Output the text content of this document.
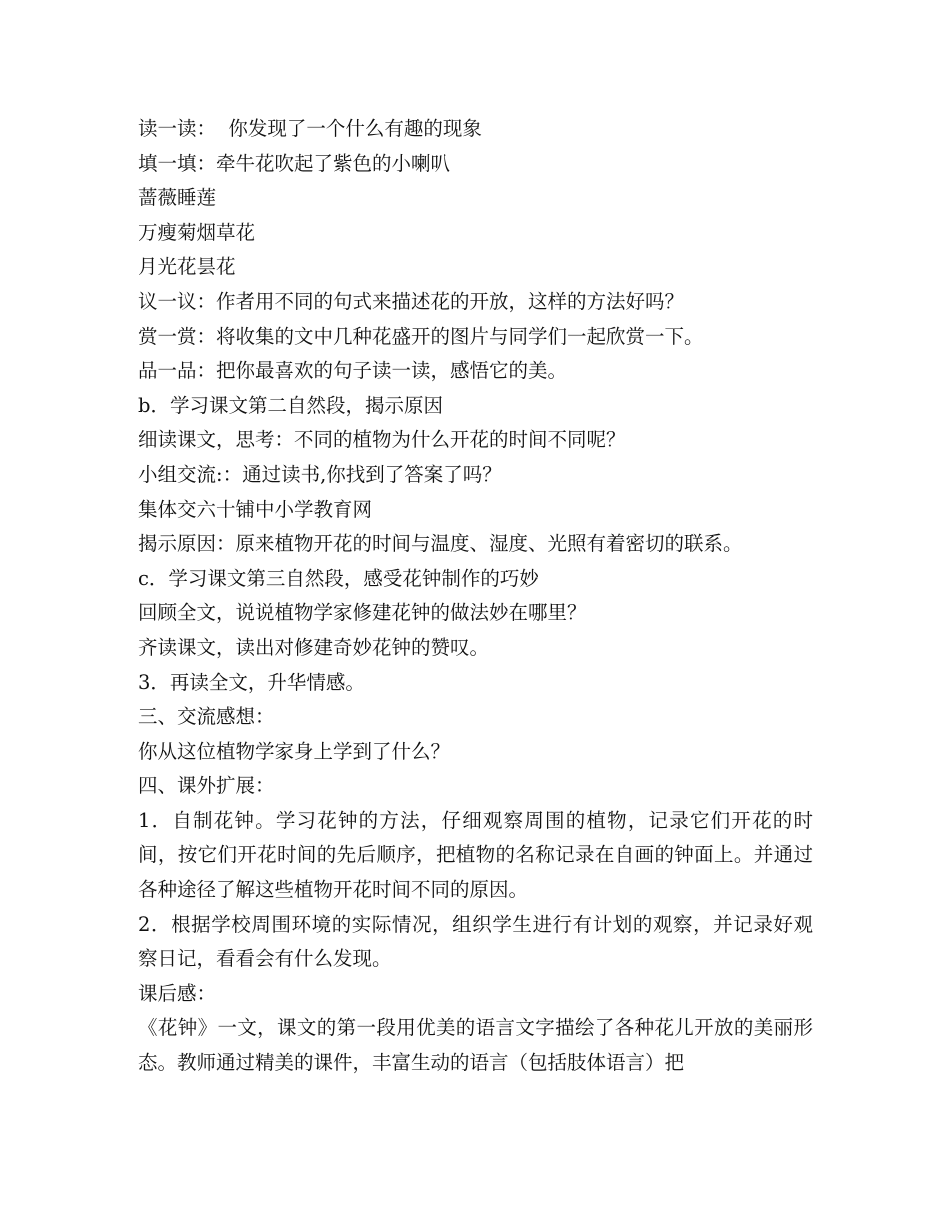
读一读：  你发现了一个什么有趣的现象
填一填：牵牛花吹起了紫色的小喇叭
蔷薇睡莲
万瘦菊烟草花
月光花昙花
议一议：作者用不同的句式来描述花的开放，这样的方法好吗？
赏一赏：将收集的文中几种花盛开的图片与同学们一起欣赏一下。
品一品：把你最喜欢的句子读一读，感悟它的美。
b．学习课文第二自然段，揭示原因
细读课文，思考：不同的植物为什么开花的时间不同呢？
小组交流:：通过读书,你找到了答案了吗？
集体交六十铺中小学教育网
揭示原因：原来植物开花的时间与温度、湿度、光照有着密切的联系。
c．学习课文第三自然段，感受花钟制作的巧妙
回顾全文，说说植物学家修建花钟的做法妙在哪里？
齐读课文，读出对修建奇妙花钟的赞叹。
3．再读全文，升华情感。
三、交流感想：
你从这位植物学家身上学到了什么？
四、课外扩展：
1．自制花钟。学习花钟的方法，仔细观察周围的植物，记录它们开花的时间，按它们开花时间的先后顺序，把植物的名称记录在自画的钟面上。并通过各种途径了解这些植物开花时间不同的原因。
2．根据学校周围环境的实际情况，组织学生进行有计划的观察，并记录好观察日记，看看会有什么发现。
课后感：
《花钟》一文，课文的第一段用优美的语言文字描绘了各种花儿开放的美丽形态。教师通过精美的课件，丰富生动的语言（包括肢体语言）把
